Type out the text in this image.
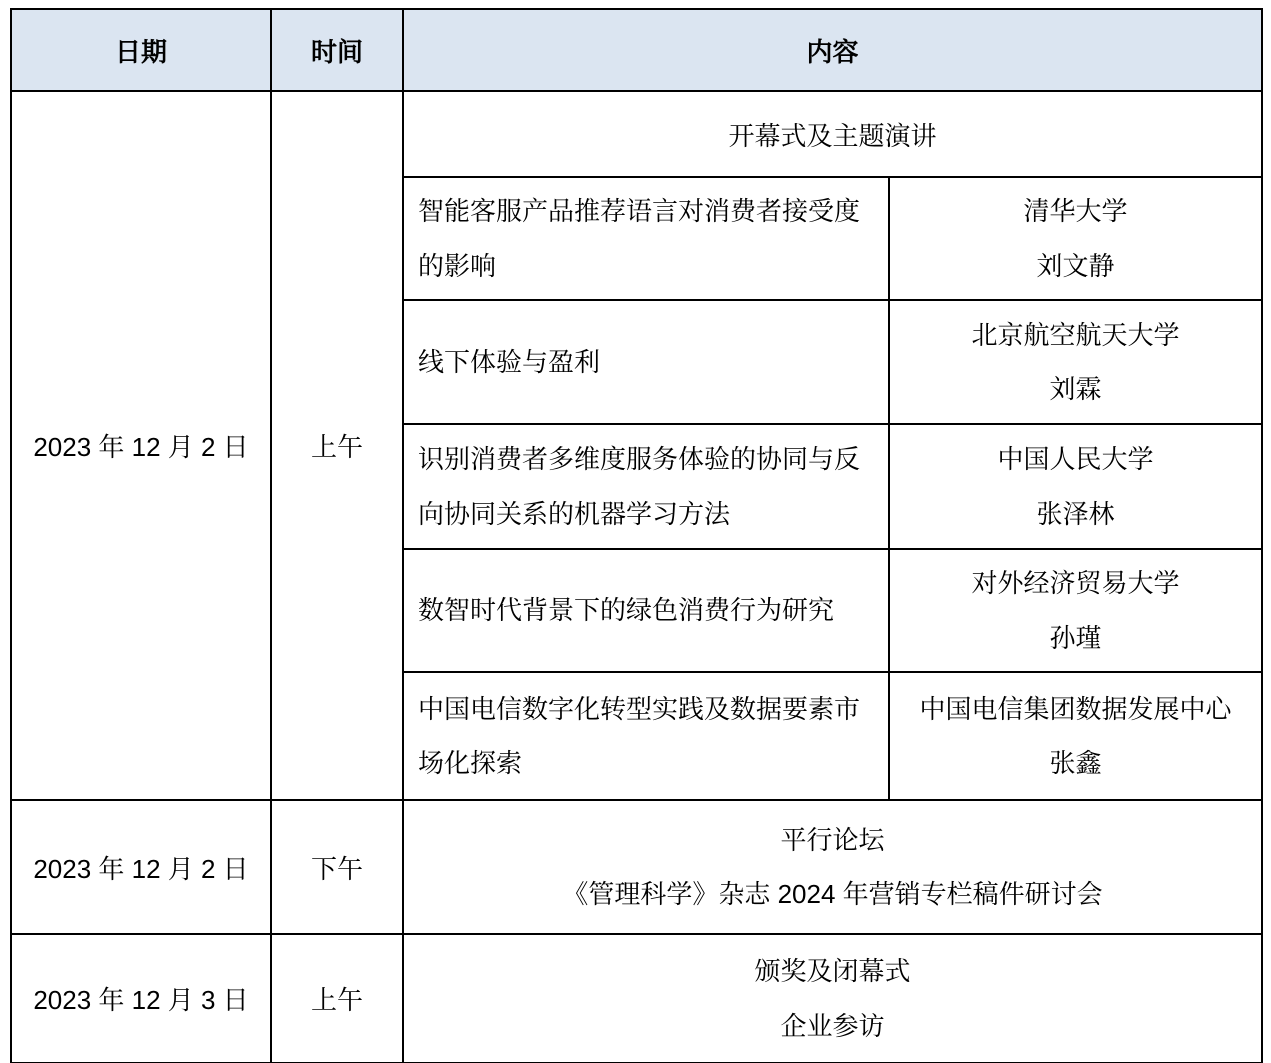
日期	时间	内容	
2023 年 12 月 2 日	上午	开幕式及主题演讲	
		智能客服产品推荐语言对消费者接受度的影响	清华大学
刘文静

		线下体验与盈利	北京航空航天大学
刘霖

		识别消费者多维度服务体验的协同与反向协同关系的机器学习方法	中国人民大学
张泽林

		数智时代背景下的绿色消费行为研究	对外经济贸易大学
孙瑾

		中国电信数字化转型实践及数据要素市场化探索	中国电信集团数据发展中心
张鑫

2023 年 12 月 2 日	下午	平行论坛
《管理科学》杂志 2024 年营销专栏稿件研讨会	

2023 年 12 月 3 日	上午	颁奖及闭幕式
企业参访	
